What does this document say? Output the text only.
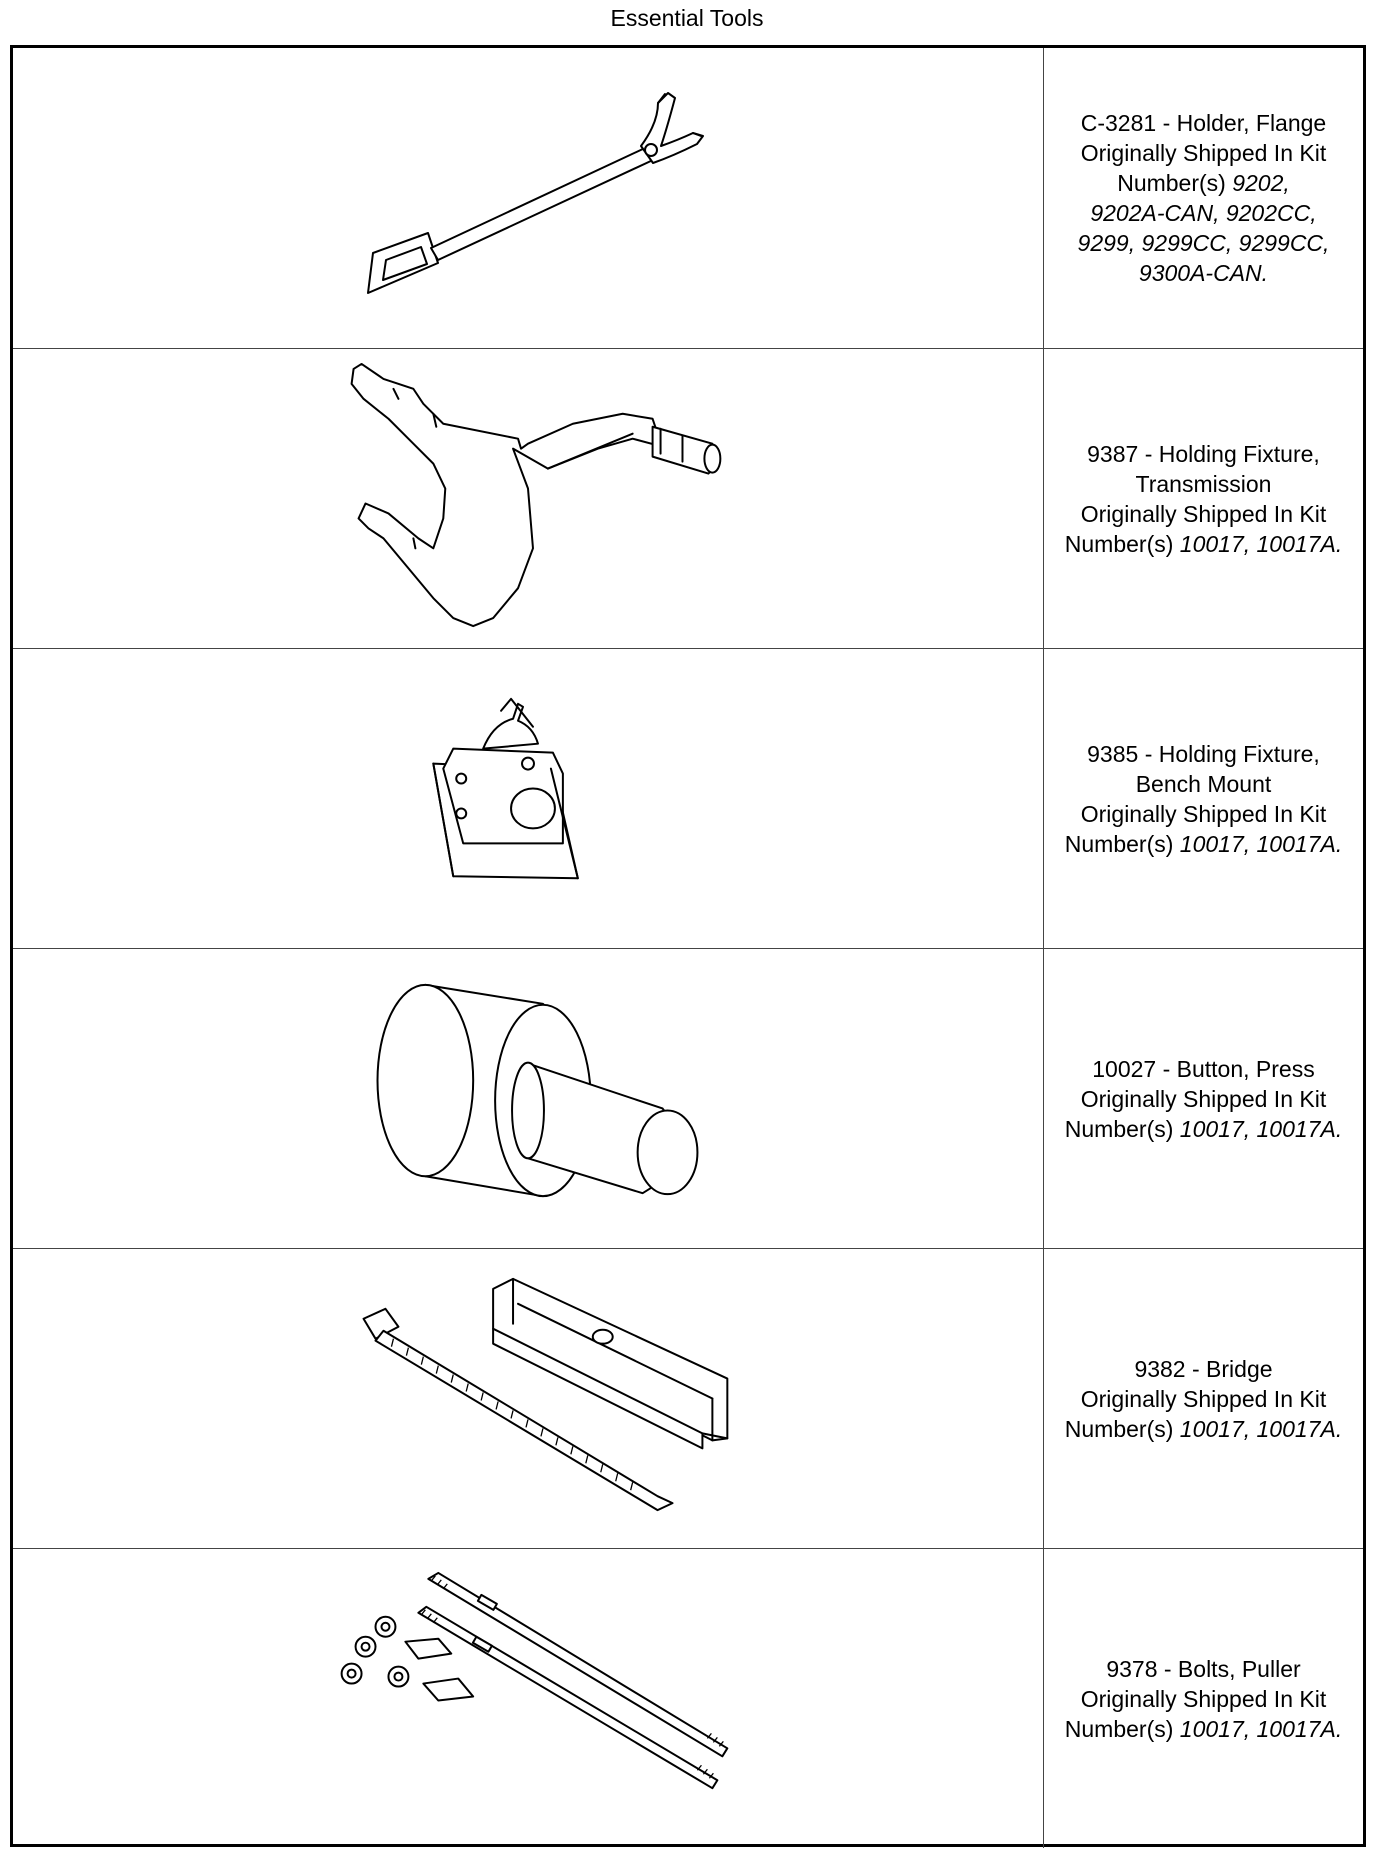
Essential Tools
C-3281 - Holder, Flange
Originally Shipped In Kit
Number(s) 9202,
9202A-CAN, 9202CC,
9299, 9299CC, 9299CC,
9300A-CAN.
9387 - Holding Fixture,
Transmission
Originally Shipped In Kit
Number(s) 10017, 10017A.
9385 - Holding Fixture,
Bench Mount
Originally Shipped In Kit
Number(s) 10017, 10017A.
10027 - Button, Press
Originally Shipped In Kit
Number(s) 10017, 10017A.
9382 - Bridge
Originally Shipped In Kit
Number(s) 10017, 10017A.
9378 - Bolts, Puller
Originally Shipped In Kit
Number(s) 10017, 10017A.
